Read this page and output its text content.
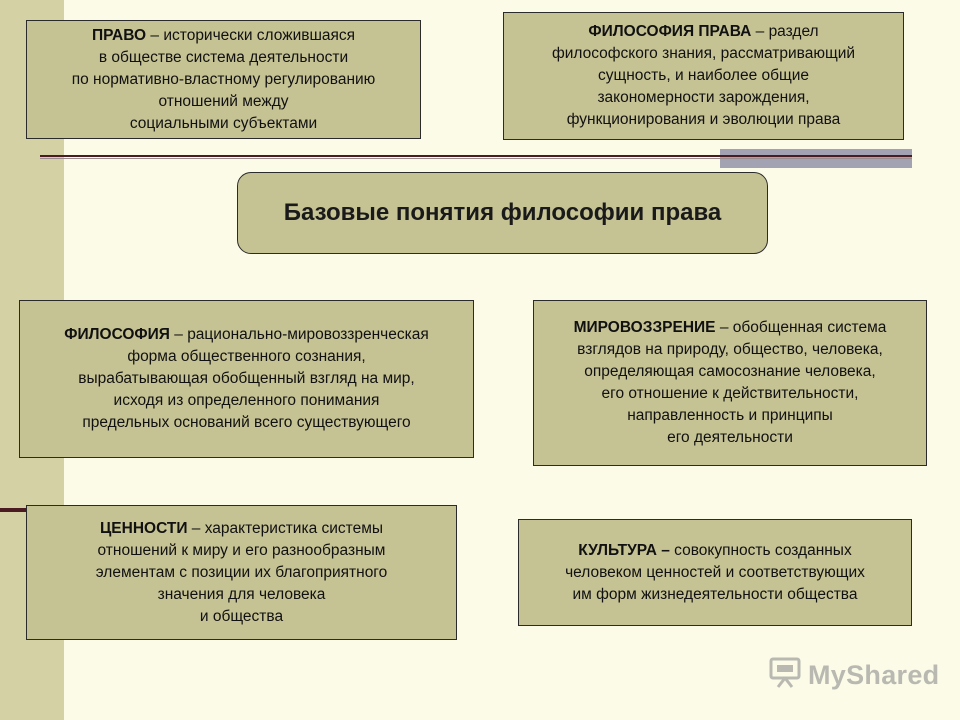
ПРАВО – исторически сложившаяся
в обществе система деятельности
по нормативно-властному регулированию
отношений между
социальными субъектами
ФИЛОСОФИЯ ПРАВА – раздел
философского знания, рассматривающий
сущность, и наиболее общие
закономерности зарождения,
функционирования и эволюции права
Базовые понятия философии права
ФИЛОСОФИЯ – рационально-мировоззренческая
форма общественного сознания,
вырабатывающая обобщенный взгляд на мир,
исходя из определенного понимания
предельных оснований всего существующего
МИРОВОЗЗРЕНИЕ – обобщенная система
взглядов на природу, общество, человека,
определяющая самосознание человека,
его отношение к действительности,
направленность и принципы
его деятельности
ЦЕННОСТИ – характеристика системы
отношений к миру и его разнообразным
элементам с позиции их благоприятного
значения для человека
и общества
КУЛЬТУРА – совокупность созданных
человеком ценностей и соответствующих
им форм жизнедеятельности общества
MyShared
